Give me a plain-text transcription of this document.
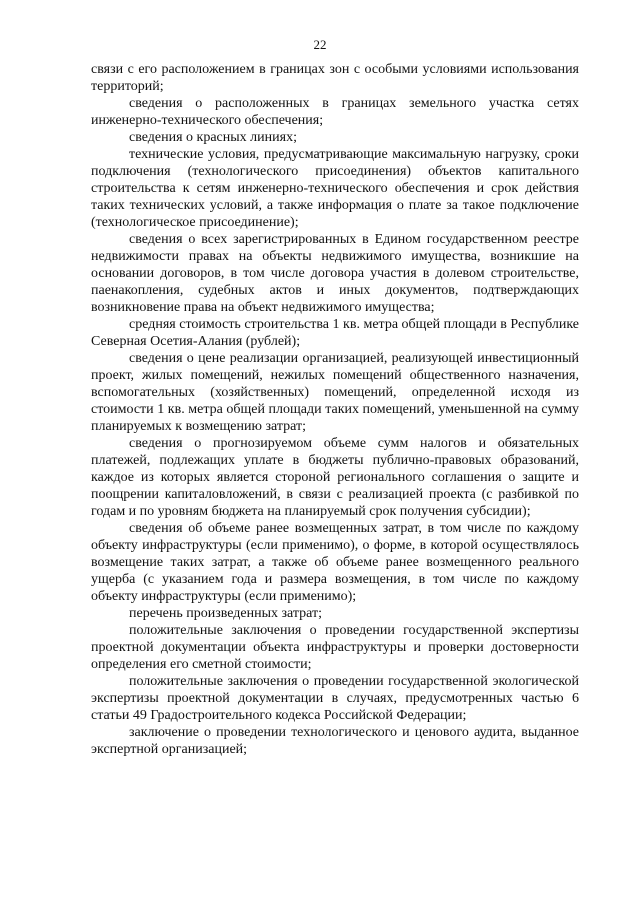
22

связи с его расположением в границах зон с особыми условиями использования территорий;

сведения о расположенных в границах земельного участка сетях инженерно-технического обеспечения;

сведения о красных линиях;

технические условия, предусматривающие максимальную нагрузку, сроки подключения (технологического присоединения) объектов капитального строительства к сетям инженерно-технического обеспечения и срок действия таких технических условий, а также информация о плате за такое подключение (технологическое присоединение);

сведения о всех зарегистрированных в Едином государственном реестре недвижимости правах на объекты недвижимого имущества, возникшие на основании договоров, в том числе договора участия в долевом строительстве, паенакопления, судебных актов и иных документов, подтверждающих возникновение права на объект недвижимого имущества;

средняя стоимость строительства 1 кв. метра общей площади в Республике Северная Осетия-Алания (рублей);

сведения о цене реализации организацией, реализующей инвестиционный проект, жилых помещений, нежилых помещений общественного назначения, вспомогательных (хозяйственных) помещений, определенной исходя из стоимости 1 кв. метра общей площади таких помещений, уменьшенной на сумму планируемых к возмещению затрат;

сведения о прогнозируемом объеме сумм налогов и обязательных платежей, подлежащих уплате в бюджеты публично-правовых образований, каждое из которых является стороной регионального соглашения о защите и поощрении капиталовложений, в связи с реализацией проекта (с разбивкой по годам и по уровням бюджета на планируемый срок получения субсидии);

сведения об объеме ранее возмещенных затрат, в том числе по каждому объекту инфраструктуры (если применимо), о форме, в которой осуществлялось возмещение таких затрат, а также об объеме ранее возмещенного реального ущерба (с указанием года и размера возмещения, в том числе по каждому объекту инфраструктуры (если применимо);

перечень произведенных затрат;

положительные заключения о проведении государственной экспертизы проектной документации объекта инфраструктуры и проверки достоверности определения его сметной стоимости;

положительные заключения о проведении государственной экологической экспертизы проектной документации в случаях, предусмотренных частью 6 статьи 49 Градостроительного кодекса Российской Федерации;

заключение о проведении технологического и ценового аудита, выданное экспертной организацией;
